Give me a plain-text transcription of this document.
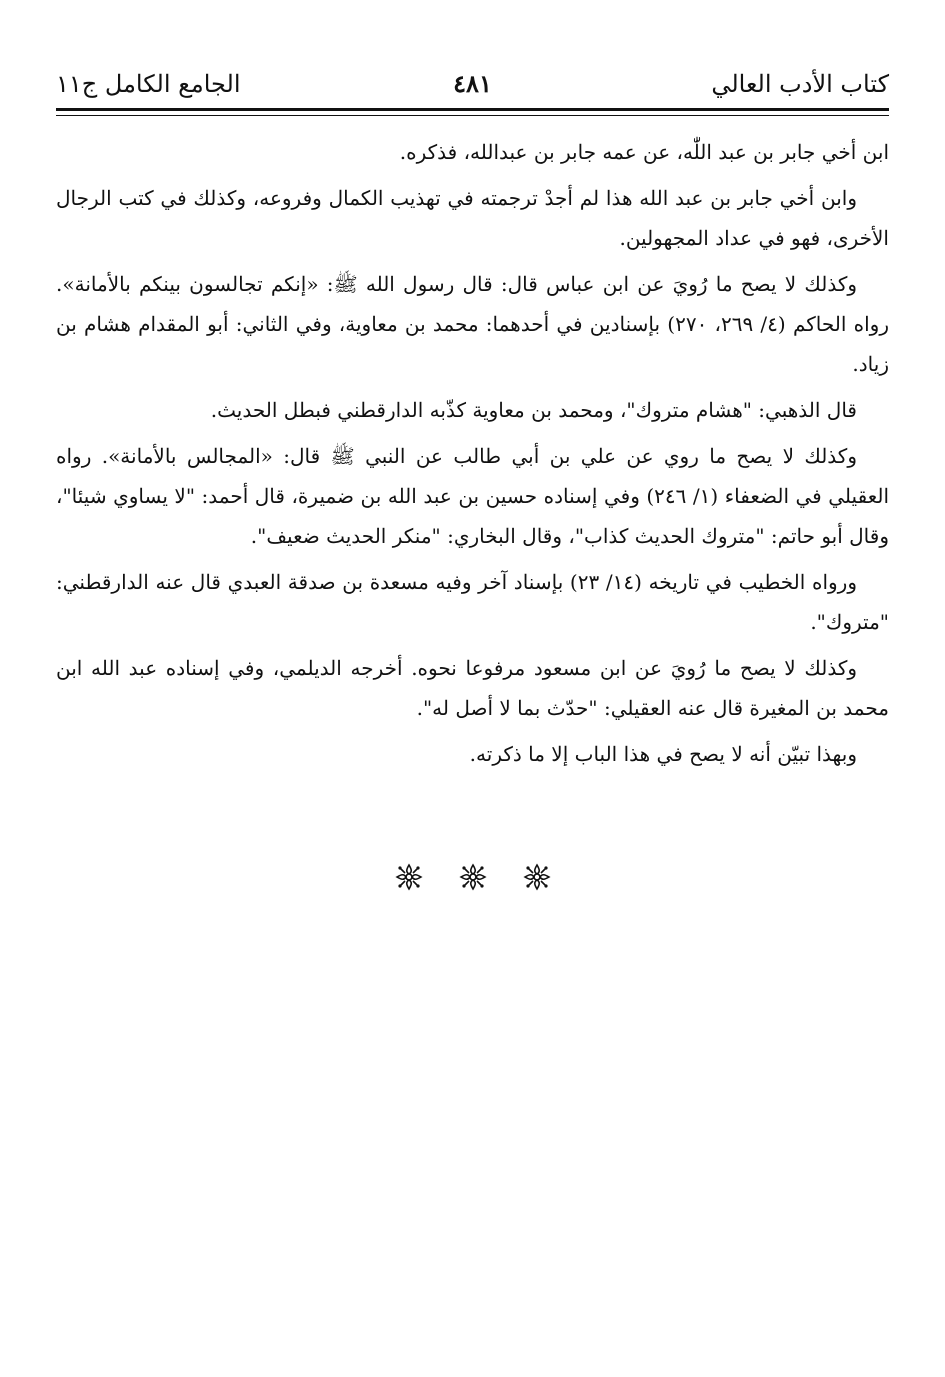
كتاب الأدب العالي
٤٨١
الجامع الكامل ج١١

ابن أخي جابر بن عبد اللّٰه، عن عمه جابر بن عبدالله، فذكره.

وابن أخي جابر بن عبد الله هذا لم أجدْ ترجمته في تهذيب الكمال وفروعه، وكذلك في كتب الرجال الأخرى، فهو في عداد المجهولين.

وكذلك لا يصح ما رُويَ عن ابن عباس قال: قال رسول الله ﷺ: «إنكم تجالسون بينكم بالأمانة». رواه الحاكم (٤/ ٢٦٩، ٢٧٠) بإسنادين في أحدهما: محمد بن معاوية، وفي الثاني: أبو المقدام هشام بن زياد.

قال الذهبي: "هشام متروك"، ومحمد بن معاوية كذّبه الدارقطني فبطل الحديث.

وكذلك لا يصح ما روي عن علي بن أبي طالب عن النبي ﷺ قال: «المجالس بالأمانة». رواه العقيلي في الضعفاء (١/ ٢٤٦) وفي إسناده حسين بن عبد الله بن ضميرة، قال أحمد: "لا يساوي شيئا"، وقال أبو حاتم: "متروك الحديث كذاب"، وقال البخاري: "منكر الحديث ضعيف".

ورواه الخطيب في تاريخه (١٤/ ٢٣) بإسناد آخر وفيه مسعدة بن صدقة العبدي قال عنه الدارقطني: "متروك".

وكذلك لا يصح ما رُويَ عن ابن مسعود مرفوعا نحوه. أخرجه الديلمي، وفي إسناده عبد الله ابن محمد بن المغيرة قال عنه العقيلي: "حدّث بما لا أصل له".

وبهذا تبيّن أنه لا يصح في هذا الباب إلا ما ذكرته.
